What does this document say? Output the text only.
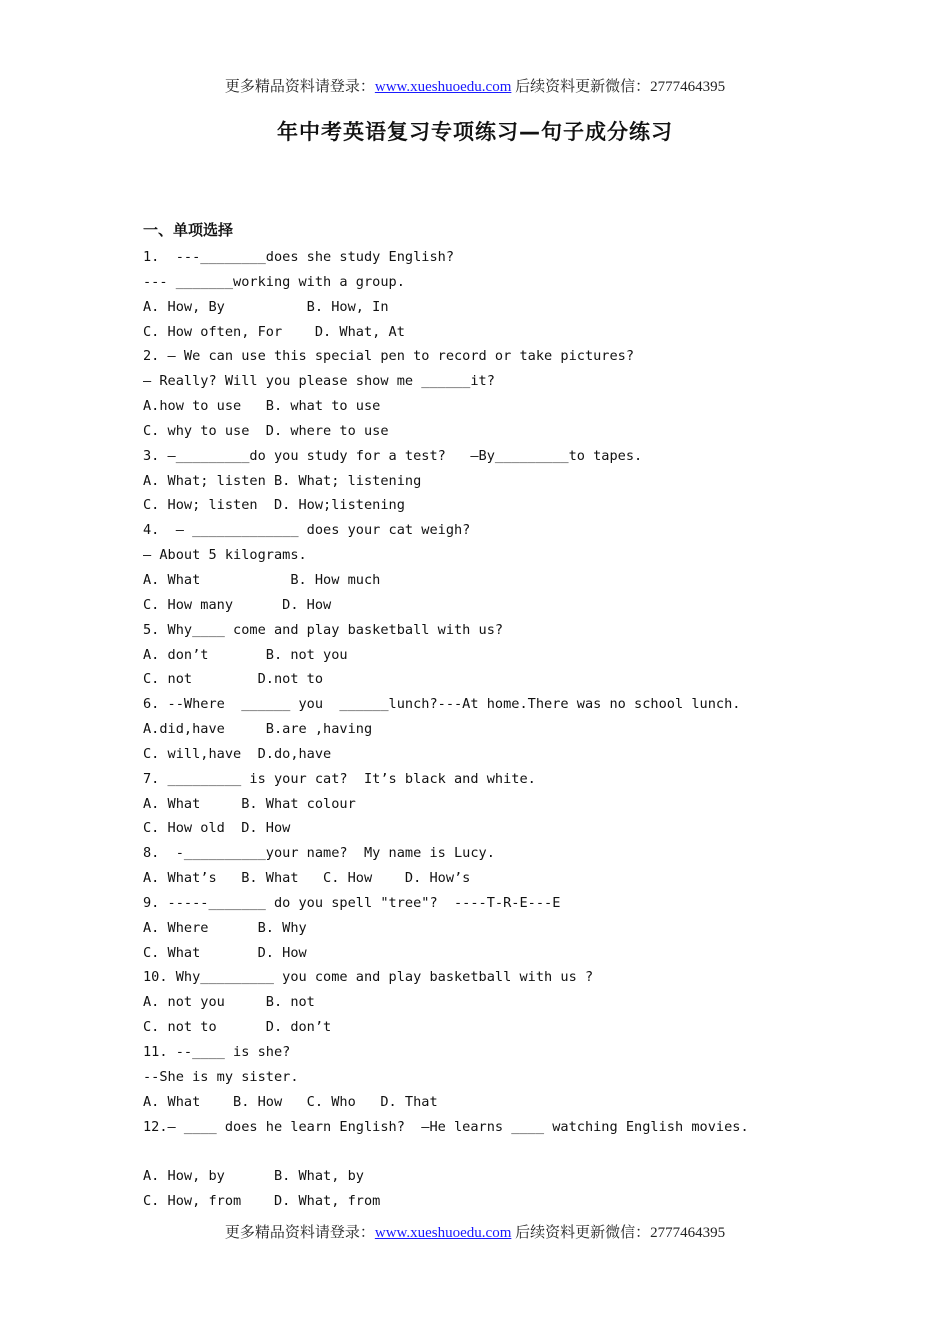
更多精品资料请登录：www.xueshuoedu.com 后续资料更新微信：2777464395
年中考英语复习专项练习—句子成分练习
一、单项选择
1.  ---________does she study English?
--- _______working with a group.
A. How, By          B. How, In
C. How often, For    D. What, At
2. — We can use this special pen to record or take pictures?
— Really? Will you please show me ______it?
A.how to use   B. what to use
C. why to use  D. where to use
3. —_________do you study for a test?   —By_________to tapes.
A. What; listen B. What; listening
C. How; listen  D. How;listening
4.  — _____________ does your cat weigh?
— About 5 kilograms.
A. What           B. How much
C. How many      D. How
5. Why____ come and play basketball with us?
A. don’t       B. not you
C. not        D.not to
6. --Where  ______ you  ______lunch?---At home.There was no school lunch.
A.did,have     B.are ,having
C. will,have  D.do,have
7. _________ is your cat?  It’s black and white.
A. What     B. What colour
C. How old  D. How
8.  -__________your name?  My name is Lucy.
A. What’s   B. What   C. How    D. How’s
9. -----_______ do you spell "tree"?  ----T-R-E---E
A. Where      B. Why
C. What       D. How
10. Why_________ you come and play basketball with us ?
A. not you     B. not
C. not to      D. don’t
11. --____ is she?
--She is my sister.
A. What    B. How   C. Who   D. That
12.— ____ does he learn English?  —He learns ____ watching English movies.
A. How, by      B. What, by
C. How, from    D. What, from
更多精品资料请登录：www.xueshuoedu.com 后续资料更新微信：2777464395
